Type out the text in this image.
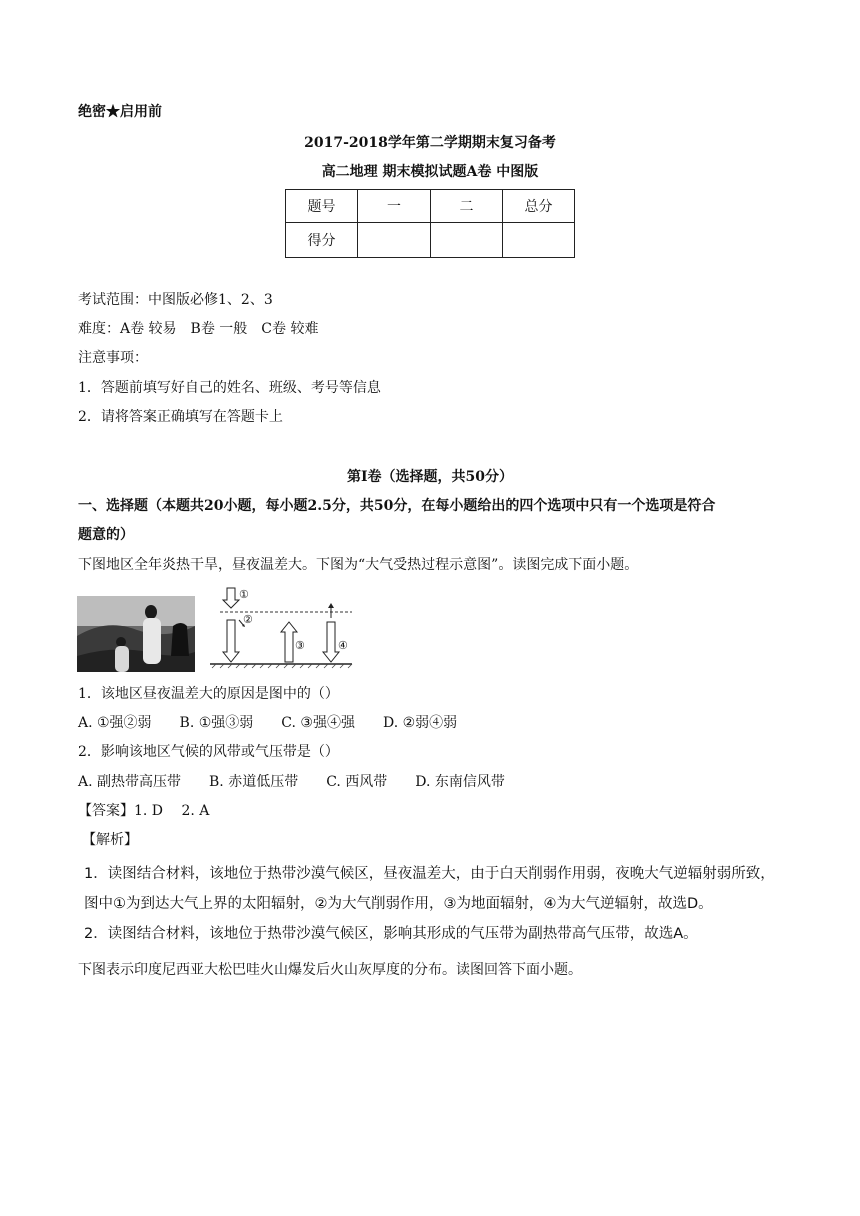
绝密★启用前
2017-2018学年第二学期期末复习备考
高二地理 期末模拟试题A卷 中图版
题号	一	二	总分
得分			
考试范围：中图版必修1、2、3
难度：A卷 较易　B卷 一般　C卷 较难
注意事项：
1．答题前填写好自己的姓名、班级、考号等信息
2．请将答案正确填写在答题卡上
第I卷（选择题，共50分）
一、选择题（本题共20小题，每小题2.5分，共50分，在每小题给出的四个选项中只有一个选项是符合
题意的）
下图地区全年炎热干旱，昼夜温差大。下图为“大气受热过程示意图”。读图完成下面小题。
①
②
③	④
1．该地区昼夜温差大的原因是图中的（）
A. ①强②弱　　B. ①强③弱　　C. ③强④强　　D. ②弱④弱
2．影响该地区气候的风带或气压带是（）
A. 副热带高压带　　B. 赤道低压带　　C. 西风带　　D. 东南信风带
【答案】1. D　 2. A
【解析】
1．读图结合材料，该地位于热带沙漠气候区，昼夜温差大，由于白天削弱作用弱，夜晚大气逆辐射弱所致，
图中①为到达大气上界的太阳辐射，②为大气削弱作用，③为地面辐射，④为大气逆辐射，故选D。
2．读图结合材料，该地位于热带沙漠气候区，影响其形成的气压带为副热带高气压带，故选A。
下图表示印度尼西亚大松巴哇火山爆发后火山灰厚度的分布。读图回答下面小题。
